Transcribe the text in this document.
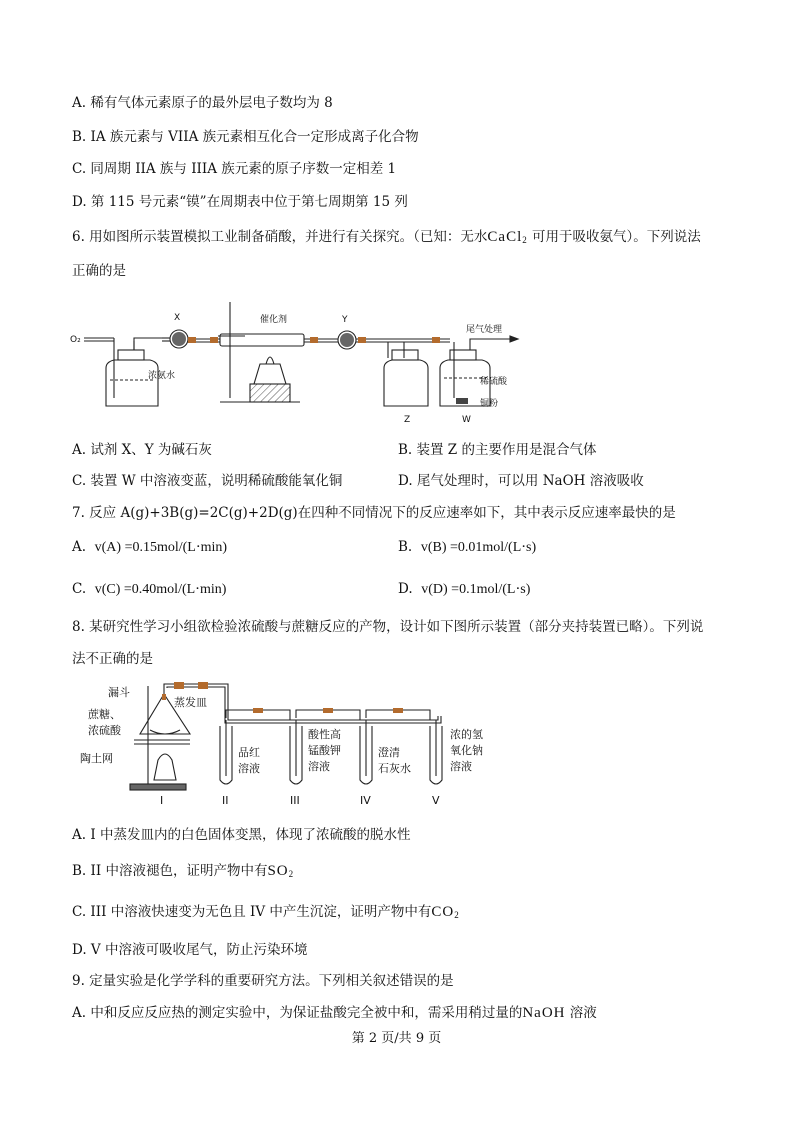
A. 稀有气体元素原子的最外层电子数均为 8
B. IA 族元素与 VIIA 族元素相互化合一定形成离子化合物
C. 同周期 IIA 族与 IIIA 族元素的原子序数一定相差 1
D. 第 115 号元素“镆”在周期表中位于第七周期第 15 列
6. 用如图所示装置模拟工业制备硝酸，并进行有关探究。（已知：无水CaCl$_2$ 可用于吸收氨气）。下列说法
正确的是
O₂
X	Y
催化剂
浓氨水
尾气处理
稀硫酸
铜粉
Z	W
A. 试剂 X、Y 为碱石灰	B. 装置 Z 的主要作用是混合气体
C. 装置 W 中溶液变蓝，说明稀硫酸能氧化铜	D. 尾气处理时，可以用 NaOH 溶液吸收
7. 反应 A(g)+3B(g)=2C(g)+2D(g)在四种不同情况下的反应速率如下，其中表示反应速率最快的是
A. v(A) =0.15mol/(L⋅min)	B. v(B) =0.01mol/(L⋅s)
C. v(C) =0.40mol/(L⋅min)	D. v(D) =0.1mol/(L⋅s)
8. 某研究性学习小组欲检验浓硫酸与蔗糖反应的产物，设计如下图所示装置（部分夹持装置已略）。下列说
法不正确的是
漏斗
蔗糖、
浓硫酸
蒸发皿
陶土网	品红
溶液
酸性高
锰酸钾
溶液
澄清
石灰水
浓的氢
氧化钠
溶液
I	II	III	IV	V
A. I 中蒸发皿内的白色固体变黑，体现了浓硫酸的脱水性
B. II 中溶液褪色，证明产物中有$SO_2$
C. III 中溶液快速变为无色且 IV 中产生沉淀，证明产物中有$CO_2$
D. V 中溶液可吸收尾气，防止污染环境
9. 定量实验是化学学科的重要研究方法。下列相关叙述错误的是
A. 中和反应反应热的测定实验中，为保证盐酸完全被中和，需采用稍过量的NaOH 溶液
第 2 页/共 9 页
